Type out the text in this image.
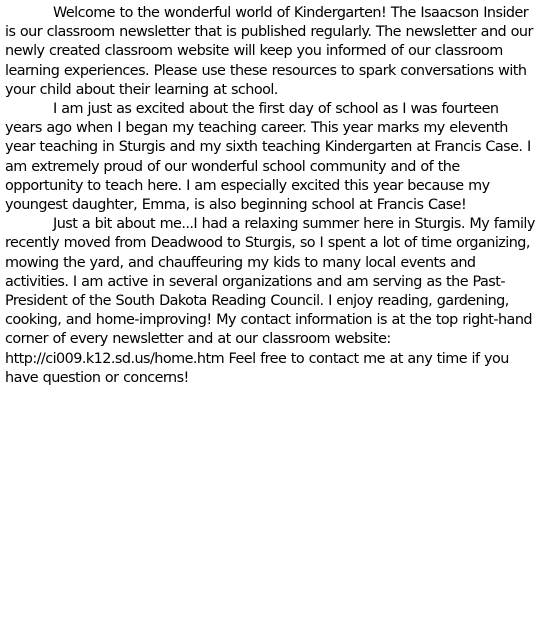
Welcome to the wonderful world of Kindergarten! The Isaacson Insider is our classroom newsletter that is published regularly. The newsletter and our newly created classroom website will keep you informed of our classroom learning experiences. Please use these resources to spark conversations with your child about their learning at school.

I am just as excited about the first day of school as I was fourteen years ago when I began my teaching career. This year marks my eleventh year teaching in Sturgis and my sixth teaching Kindergarten at Francis Case. I am extremely proud of our wonderful school community and of the opportunity to teach here. I am especially excited this year because my youngest daughter, Emma, is also beginning school at Francis Case!

Just a bit about me...I had a relaxing summer here in Sturgis. My family recently moved from Deadwood to Sturgis, so I spent a lot of time organizing, mowing the yard, and chauffeuring my kids to many local events and activities. I am active in several organizations and am serving as the Past- President of the South Dakota Reading Council. I enjoy reading, gardening, cooking, and home-improving! My contact information is at the top right-hand corner of every newsletter and at our classroom website: http://ci009.k12.sd.us/home.htm Feel free to contact me at any time if you have question or concerns!
